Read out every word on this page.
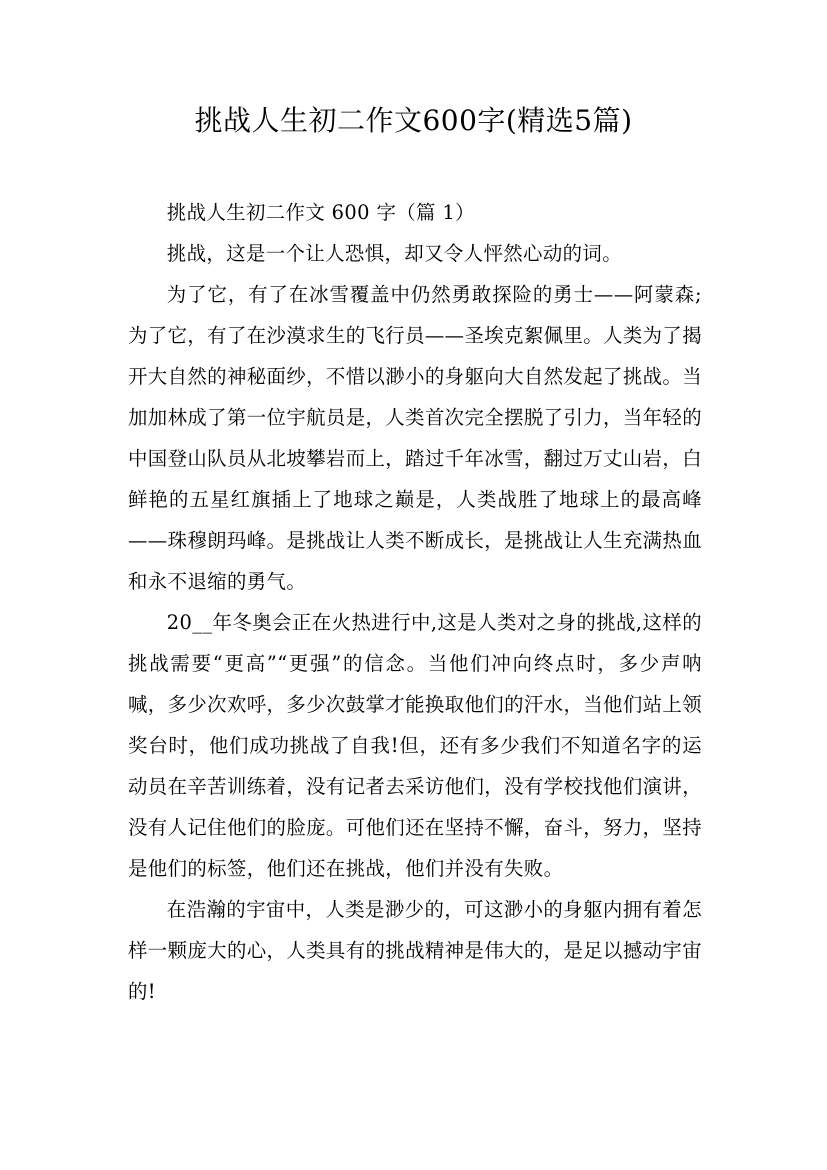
挑战人生初二作文600字(精选5篇)

挑战人生初二作文 600 字（篇 1）

挑战，这是一个让人恐惧，却又令人怦然心动的词。

为了它，有了在冰雪覆盖中仍然勇敢探险的勇士——阿蒙森;为了它，有了在沙漠求生的飞行员——圣埃克絮佩里。人类为了揭开大自然的神秘面纱，不惜以渺小的身躯向大自然发起了挑战。当加加林成了第一位宇航员是，人类首次完全摆脱了引力，当年轻的中国登山队员从北坡攀岩而上，踏过千年冰雪，翻过万丈山岩，白鲜艳的五星红旗插上了地球之巅是，人类战胜了地球上的最高峰——珠穆朗玛峰。是挑战让人类不断成长，是挑战让人生充满热血和永不退缩的勇气。

20__年冬奥会正在火热进行中,这是人类对之身的挑战,这样的挑战需要“更高”“更强”的信念。当他们冲向终点时，多少声呐喊，多少次欢呼，多少次鼓掌才能换取他们的汗水，当他们站上领奖台时，他们成功挑战了自我!但，还有多少我们不知道名字的运动员在辛苦训练着，没有记者去采访他们，没有学校找他们演讲，没有人记住他们的脸庞。可他们还在坚持不懈，奋斗，努力，坚持是他们的标签，他们还在挑战，他们并没有失败。

在浩瀚的宇宙中，人类是渺少的，可这渺小的身躯内拥有着怎样一颗庞大的心，人类具有的挑战精神是伟大的，是足以撼动宇宙的!
